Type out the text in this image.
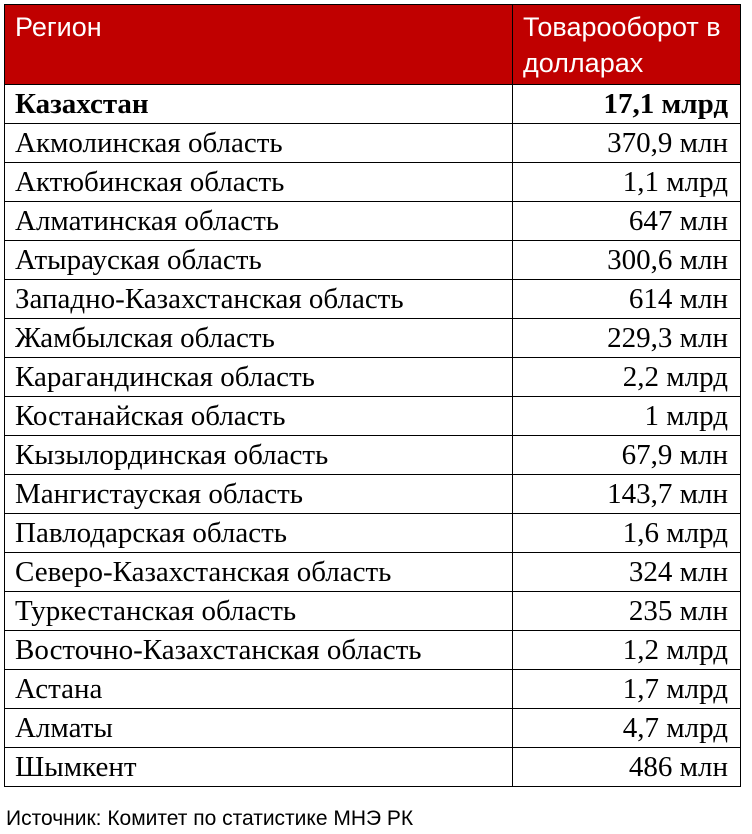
Регион	Товарооборот в долларах
Казахстан	17,1 млрд
Акмолинская область	370,9 млн
Актюбинская область	1,1 млрд
Алматинская область	647 млн
Атырауская область	300,6 млн
Западно-Казахстанская область	614 млн
Жамбылская область	229,3 млн
Карагандинская область	2,2 млрд
Костанайская область	1 млрд
Кызылординская область	67,9 млн
Мангистауская область	143,7 млн
Павлодарская область	1,6 млрд
Северо-Казахстанская область	324 млн
Туркестанская область	235 млн
Восточно-Казахстанская область	1,2 млрд
Астана	1,7 млрд
Алматы	4,7 млрд
Шымкент	486 млн
Источник: Комитет по статистике МНЭ РК
